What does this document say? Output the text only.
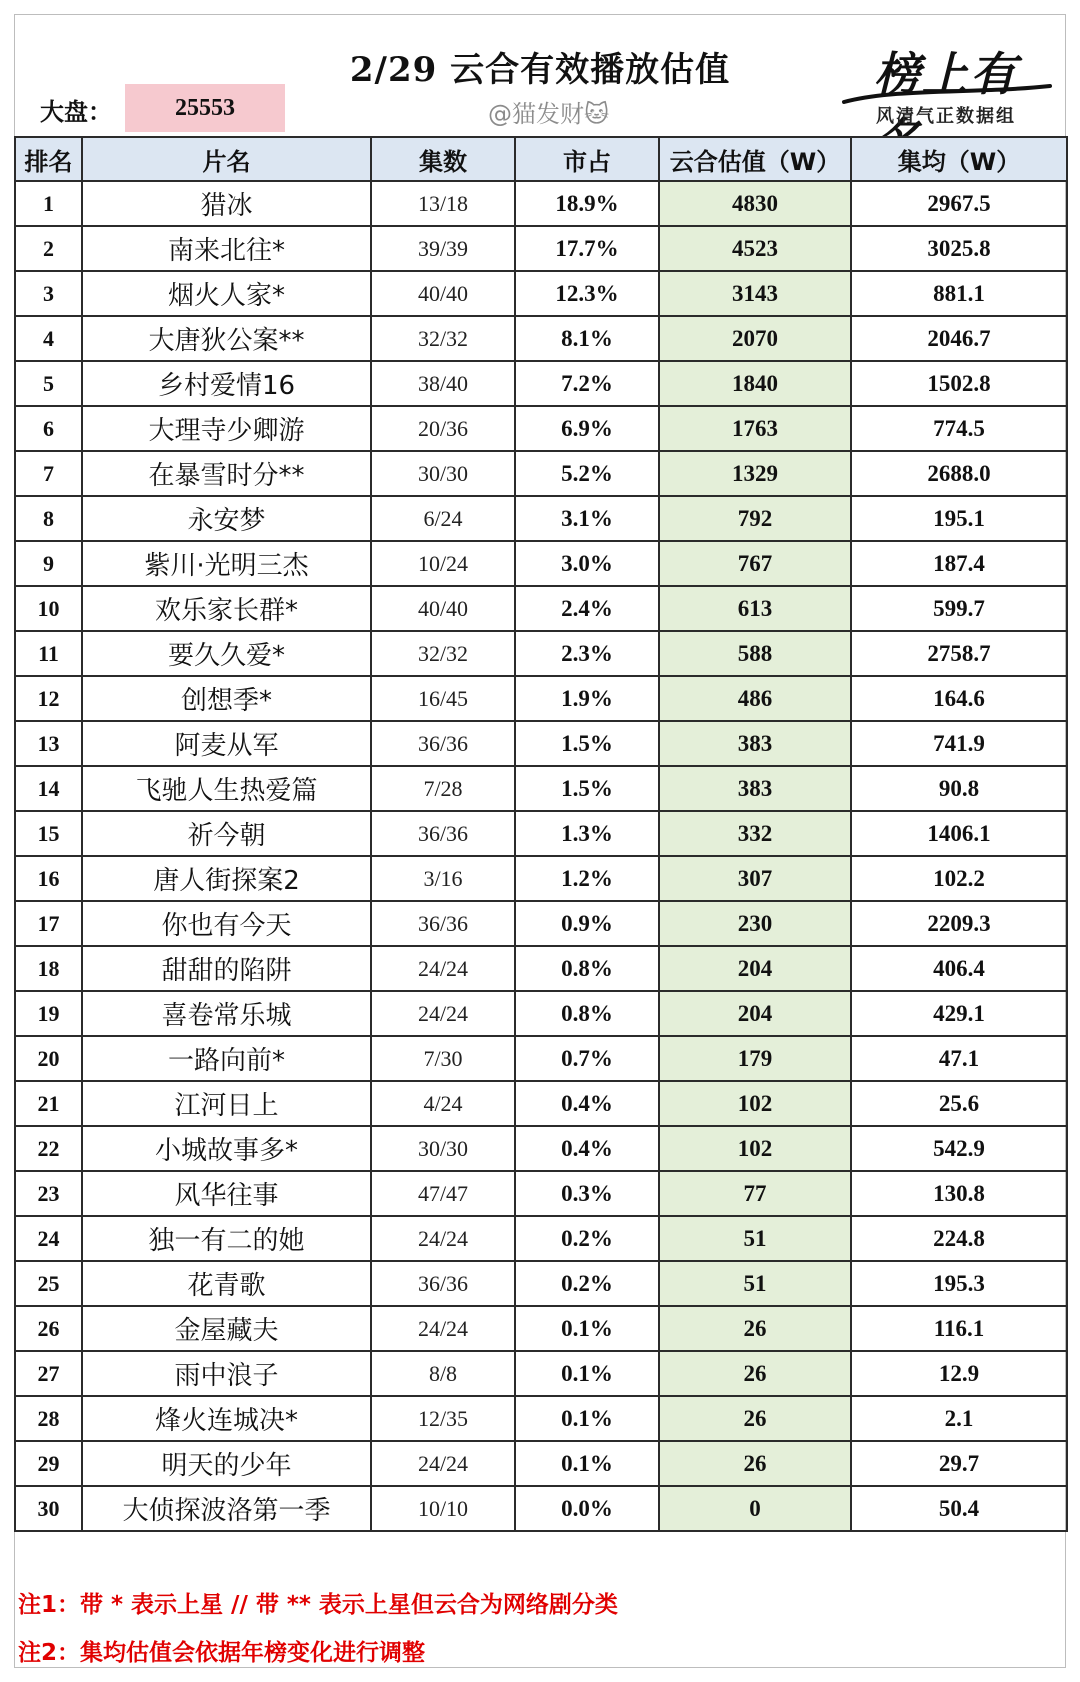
2/29 云合有效播放估值
大盘：	25553	@猫发财🐱
榜上有
风清气正数据组
排名	片名	集数	市占	云合估值（W）	集均（W）
1	猎冰	13/18	18.9%	4830	2967.5
2	南来北往*	39/39	17.7%	4523	3025.8
3	烟火人家*	40/40	12.3%	3143	881.1
4	大唐狄公案**	32/32	8.1%	2070	2046.7
5	乡村爱情16	38/40	7.2%	1840	1502.8
6	大理寺少卿游	20/36	6.9%	1763	774.5
7	在暴雪时分**	30/30	5.2%	1329	2688.0
8	永安梦	6/24	3.1%	792	195.1
9	紫川·光明三杰	10/24	3.0%	767	187.4
10	欢乐家长群*	40/40	2.4%	613	599.7
11	要久久爱*	32/32	2.3%	588	2758.7
12	创想季*	16/45	1.9%	486	164.6
13	阿麦从军	36/36	1.5%	383	741.9
14	飞驰人生热爱篇	7/28	1.5%	383	90.8
15	祈今朝	36/36	1.3%	332	1406.1
16	唐人街探案2	3/16	1.2%	307	102.2
17	你也有今天	36/36	0.9%	230	2209.3
18	甜甜的陷阱	24/24	0.8%	204	406.4
19	喜卷常乐城	24/24	0.8%	204	429.1
20	一路向前*	7/30	0.7%	179	47.1
21	江河日上	4/24	0.4%	102	25.6
22	小城故事多*	30/30	0.4%	102	542.9
23	风华往事	47/47	0.3%	77	130.8
24	独一有二的她	24/24	0.2%	51	224.8
25	花青歌	36/36	0.2%	51	195.3
26	金屋藏夫	24/24	0.1%	26	116.1
27	雨中浪子	8/8	0.1%	26	12.9
28	烽火连城决*	12/35	0.1%	26	2.1
29	明天的少年	24/24	0.1%	26	29.7
30	大侦探波洛第一季	10/10	0.0%	0	50.4
注1：带 * 表示上星 // 带 ** 表示上星但云合为网络剧分类
注2：集均估值会依据年榜变化进行调整
